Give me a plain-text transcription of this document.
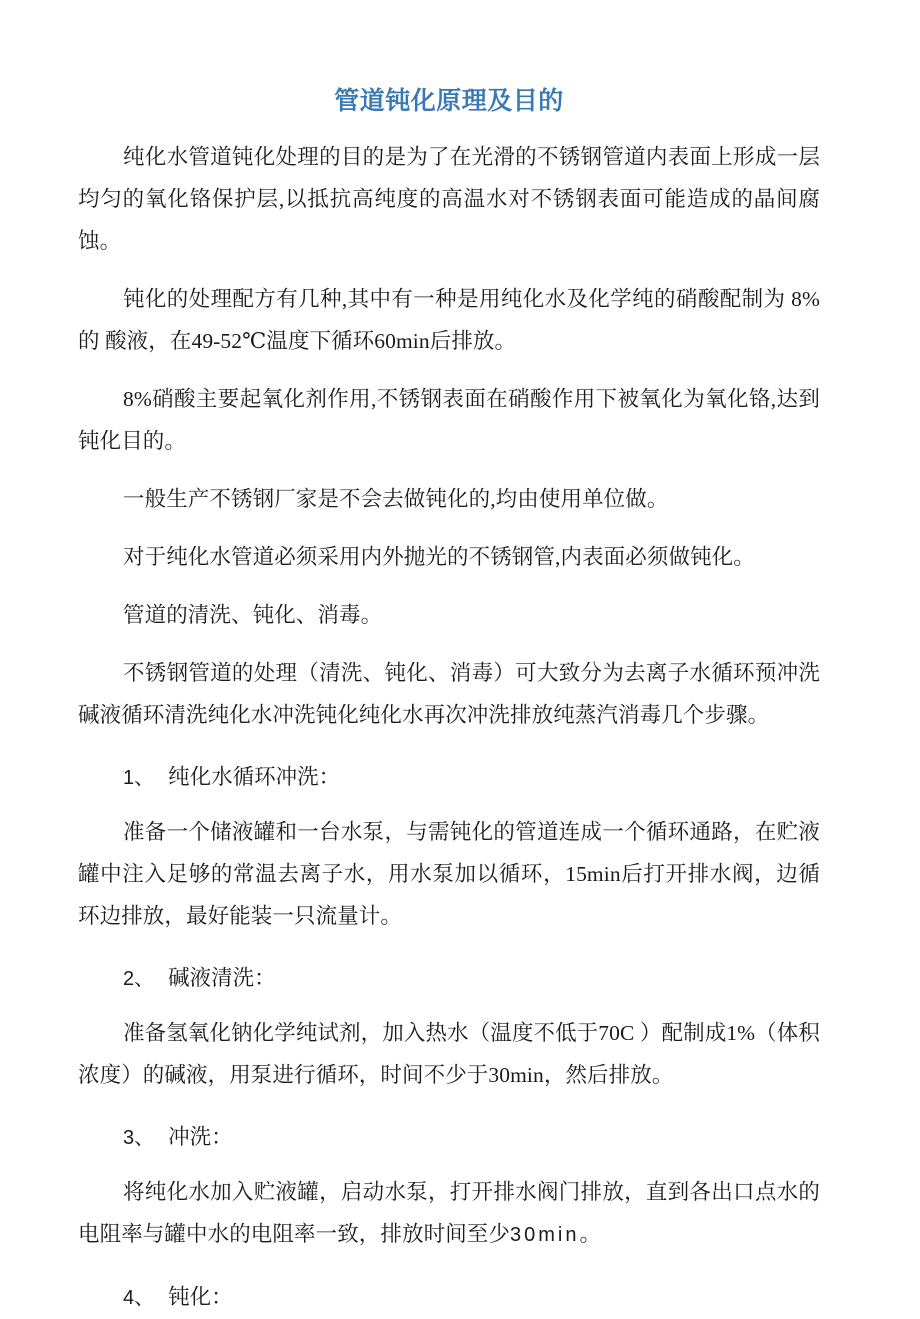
管道钝化原理及目的

纯化水管道钝化处理的目的是为了在光滑的不锈钢管道内表面上形成一层均匀的氧化铬保护层,以抵抗高纯度的高温水对不锈钢表面可能造成的晶间腐蚀。

钝化的处理配方有几种,其中有一种是用纯化水及化学纯的硝酸配制为 8%的 酸液，在49-52℃温度下循环60min后排放。

8%硝酸主要起氧化剂作用,不锈钢表面在硝酸作用下被氧化为氧化铬,达到钝化目的。

一般生产不锈钢厂家是不会去做钝化的,均由使用单位做。

对于纯化水管道必须采用内外抛光的不锈钢管,内表面必须做钝化。

管道的清洗、钝化、消毒。

不锈钢管道的处理（清洗、钝化、消毒）可大致分为去离子水循环预冲洗碱液循环清洗纯化水冲洗钝化纯化水再次冲洗排放纯蒸汽消毒几个步骤。

1、 纯化水循环冲洗：

准备一个储液罐和一台水泵，与需钝化的管道连成一个循环通路，在贮液罐中注入足够的常温去离子水，用水泵加以循环，15min后打开排水阀，边循环边排放，最好能装一只流量计。

2、 碱液清洗：

准备氢氧化钠化学纯试剂，加入热水（温度不低于70C ）配制成1%（体积浓度）的碱液，用泵进行循环，时间不少于30min，然后排放。

3、 冲洗：

将纯化水加入贮液罐，启动水泵，打开排水阀门排放，直到各出口点水的电阻率与罐中水的电阻率一致，排放时间至少30min。

4、 钝化：
